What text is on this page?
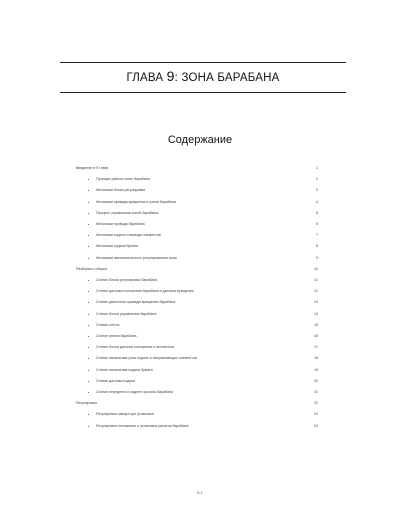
ГЛАВА 9: ЗОНА БАРАБАНА
Содержание
Введение в 9 главу	1
Принцип работы зоны барабана	2
Механизм блока регулировки	3
Механизм привода вращения и узлов барабана	4
Процесс управления зоной барабана	5
Механизм привода барабана	6
Механизм подачи и вывода элементов	7
Механизм подачи бумаги	8
Механизм автоматического регулирования зоны	9
Разборка и сборка	10
Снятие блока регулировки барабана	11
Снятие датчика положения барабана и датчика вращения	12
Снятие двигателя привода вращения барабана	13
Снятие блока управления барабана	14
Снятие ленты	15
Снятие ремня барабана	16
Снятие блока датчика положения и элементов	17
Снятие механизма узла подачи и направляющих элементов	18
Снятие механизма подачи бумаги	19
Снятие датчика подачи	20
Снятие переднего и заднего рычага барабана	21
Регулировка	22
Регулировка зазора при установке	23
Регулировка положения и установка рычагов барабана	24
9-1
